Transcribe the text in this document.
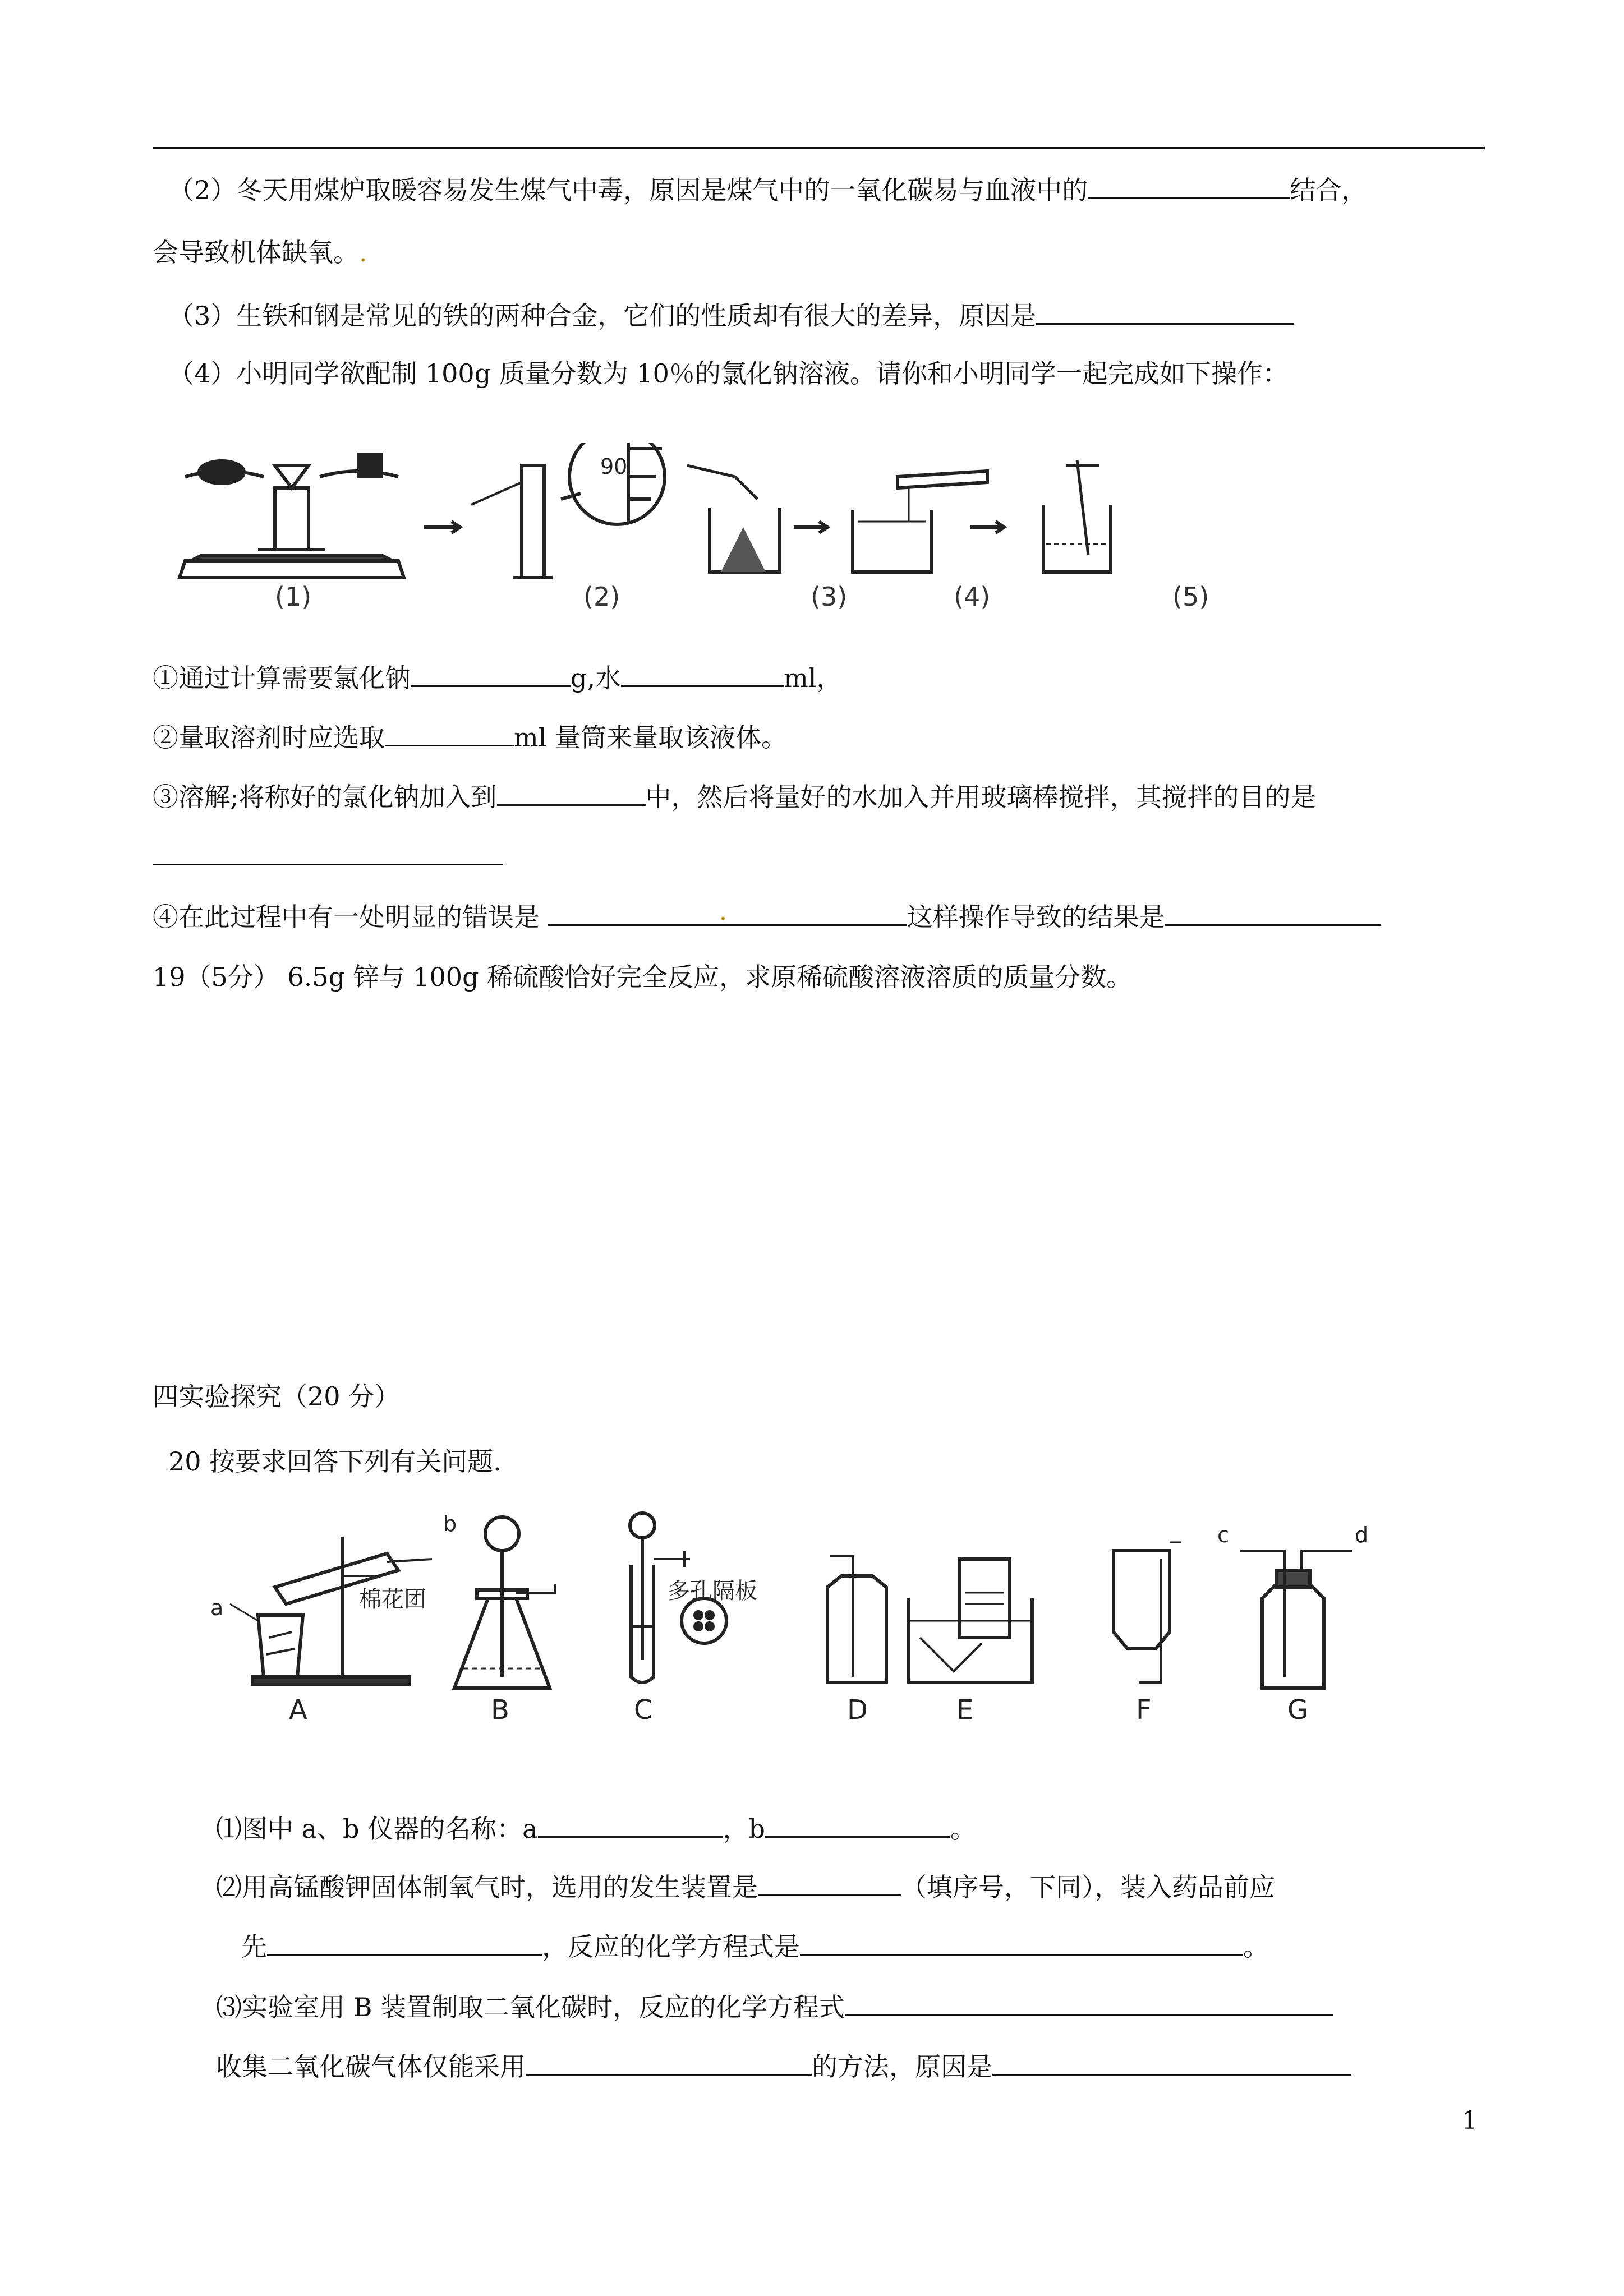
（2）冬天用煤炉取暖容易发生煤气中毒，原因是煤气中的一氧化碳易与血液中的	结合，
会导致机体缺氧。.
（3）生铁和钢是常见的铁的两种合金，它们的性质却有很大的差异，原因是
（4）小明同学欲配制 100g 质量分数为 10％的氯化钠溶液。请你和小明同学一起完成如下操作：
90
(1)	(2)	(3)	(4)	(5)
①通过计算需要氯化钠	g,水	ml，
②量取溶剂时应选取	ml 量筒来量取该液体。
③溶解;将称好的氯化钠加入到	中，然后将量好的水加入并用玻璃棒搅拌，其搅拌的目的是
④在此过程中有一处明显的错误是	.	这样操作导致的结果是
19（5分） 6.5g 锌与 100g 稀硫酸恰好完全反应，求原稀硫酸溶液溶质的质量分数。
四实验探究（20 分）
20 按要求回答下列有关问题.
A
a	棉花团
B
b
C
多孔隔板
D	E	F	G
c	d
⑴图中 a、b 仪器的名称：a	，b	。
⑵用高锰酸钾固体制氧气时，选用的发生装置是	（填序号，下同），装入药品前应
先	，反应的化学方程式是	。
⑶实验室用 B 装置制取二氧化碳时，反应的化学方程式
收集二氧化碳气体仅能采用	的方法，原因是
1
